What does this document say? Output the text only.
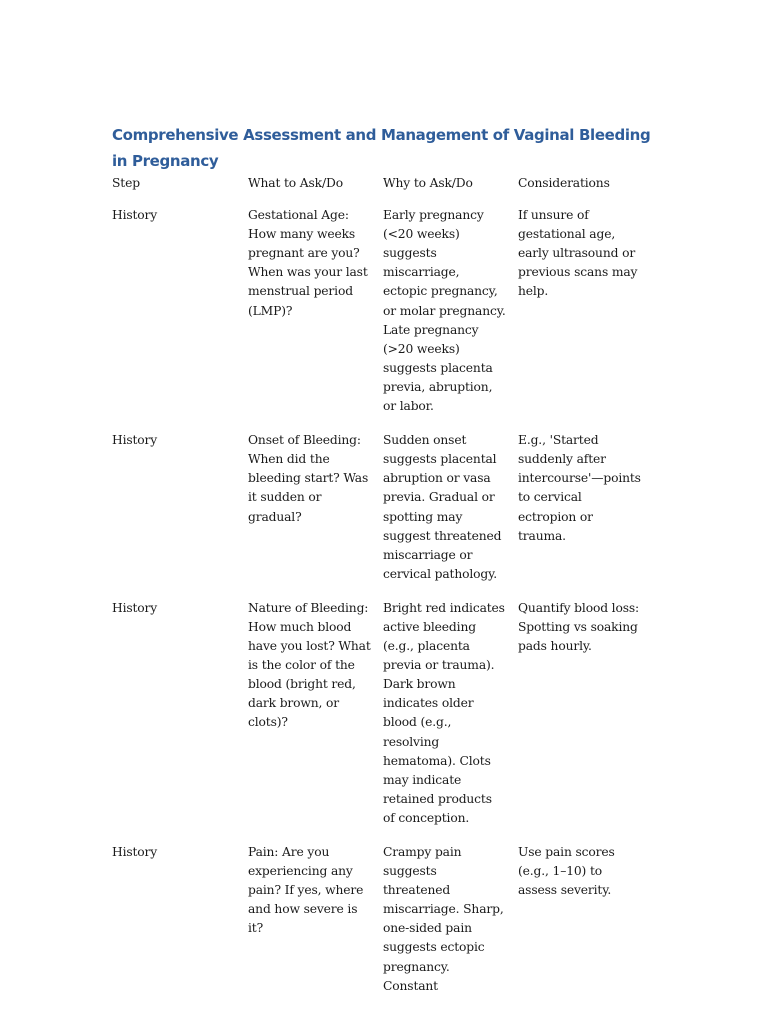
Comprehensive Assessment and Management of Vaginal Bleeding in Pregnancy
Step	What to Ask/Do	Why to Ask/Do	Considerations
History	Gestational Age: How many weeks pregnant are you? When was your last menstrual period (LMP)?	Early pregnancy (<20 weeks) suggests miscarriage, ectopic pregnancy, or molar pregnancy. Late pregnancy (>20 weeks) suggests placenta previa, abruption, or labor.	If unsure of gestational age, early ultrasound or previous scans may help.
History	Onset of Bleeding: When did the bleeding start? Was it sudden or gradual?	Sudden onset suggests placental abruption or vasa previa. Gradual or spotting may suggest threatened miscarriage or cervical pathology.	E.g., 'Started suddenly after intercourse'—points to cervical ectropion or trauma.
History	Nature of Bleeding: How much blood have you lost? What is the color of the blood (bright red, dark brown, or clots)?	Bright red indicates active bleeding (e.g., placenta previa or trauma). Dark brown indicates older blood (e.g., resolving hematoma). Clots may indicate retained products of conception.	Quantify blood loss: Spotting vs soaking pads hourly.
History	Pain: Are you experiencing any pain? If yes, where and how severe is it?	Crampy pain suggests threatened miscarriage. Sharp, one-sided pain suggests ectopic pregnancy. Constant	Use pain scores (e.g., 1–10) to assess severity.
